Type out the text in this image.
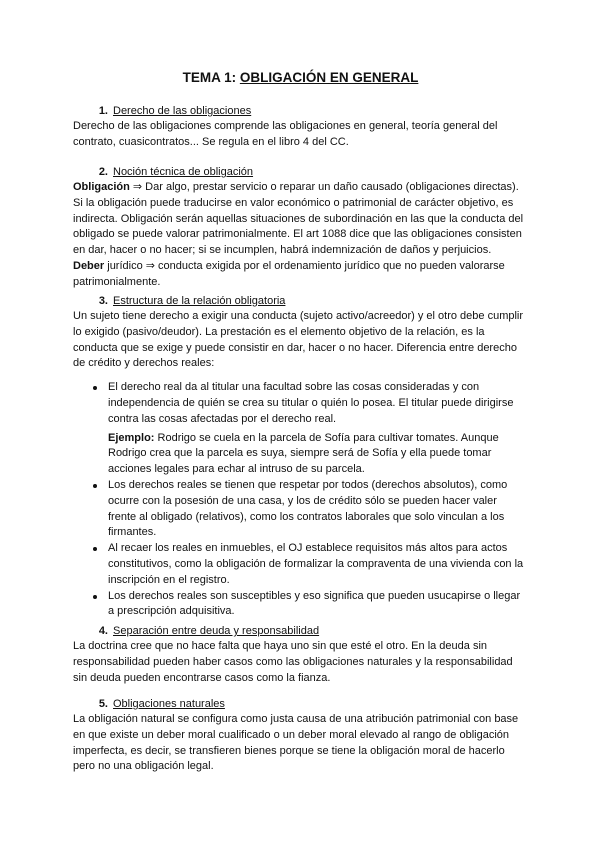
TEMA 1: OBLIGACIÓN EN GENERAL
1. Derecho de las obligaciones
Derecho de las obligaciones comprende las obligaciones en general, teoría general del
contrato, cuasicontratos... Se regula en el libro 4 del CC.
2. Noción técnica de obligación
Obligación ⇒ Dar algo, prestar servicio o reparar un daño causado (obligaciones directas).
Si la obligación puede traducirse en valor económico o patrimonial de carácter objetivo, es
indirecta. Obligación serán aquellas situaciones de subordinación en las que la conducta del
obligado se puede valorar patrimonialmente. El art 1088 dice que las obligaciones consisten
en dar, hacer o no hacer; si se incumplen, habrá indemnización de daños y perjuicios.
Deber jurídico ⇒ conducta exigida por el ordenamiento jurídico que no pueden valorarse
patrimonialmente.
3. Estructura de la relación obligatoria
Un sujeto tiene derecho a exigir una conducta (sujeto activo/acreedor) y el otro debe cumplir
lo exigido (pasivo/deudor). La prestación es el elemento objetivo de la relación, es la
conducta que se exige y puede consistir en dar, hacer o no hacer. Diferencia entre derecho
de crédito y derechos reales:
El derecho real da al titular una facultad sobre las cosas consideradas y con
independencia de quién se crea su titular o quién lo posea. El titular puede dirigirse
contra las cosas afectadas por el derecho real.
Ejemplo: Rodrigo se cuela en la parcela de Sofía para cultivar tomates. Aunque
Rodrigo crea que la parcela es suya, siempre será de Sofía y ella puede tomar
acciones legales para echar al intruso de su parcela.
Los derechos reales se tienen que respetar por todos (derechos absolutos), como
ocurre con la posesión de una casa, y los de crédito sólo se pueden hacer valer
frente al obligado (relativos), como los contratos laborales que solo vinculan a los
firmantes.
Al recaer los reales en inmuebles, el OJ establece requisitos más altos para actos
constitutivos, como la obligación de formalizar la compraventa de una vivienda con la
inscripción en el registro.
Los derechos reales son susceptibles y eso significa que pueden usucapirse o llegar
a prescripción adquisitiva.
4. Separación entre deuda y responsabilidad
La doctrina cree que no hace falta que haya uno sin que esté el otro. En la deuda sin
responsabilidad pueden haber casos como las obligaciones naturales y la responsabilidad
sin deuda pueden encontrarse casos como la fianza.
5. Obligaciones naturales
La obligación natural se configura como justa causa de una atribución patrimonial con base
en que existe un deber moral cualificado o un deber moral elevado al rango de obligación
imperfecta, es decir, se transfieren bienes porque se tiene la obligación moral de hacerlo
pero no una obligación legal.
